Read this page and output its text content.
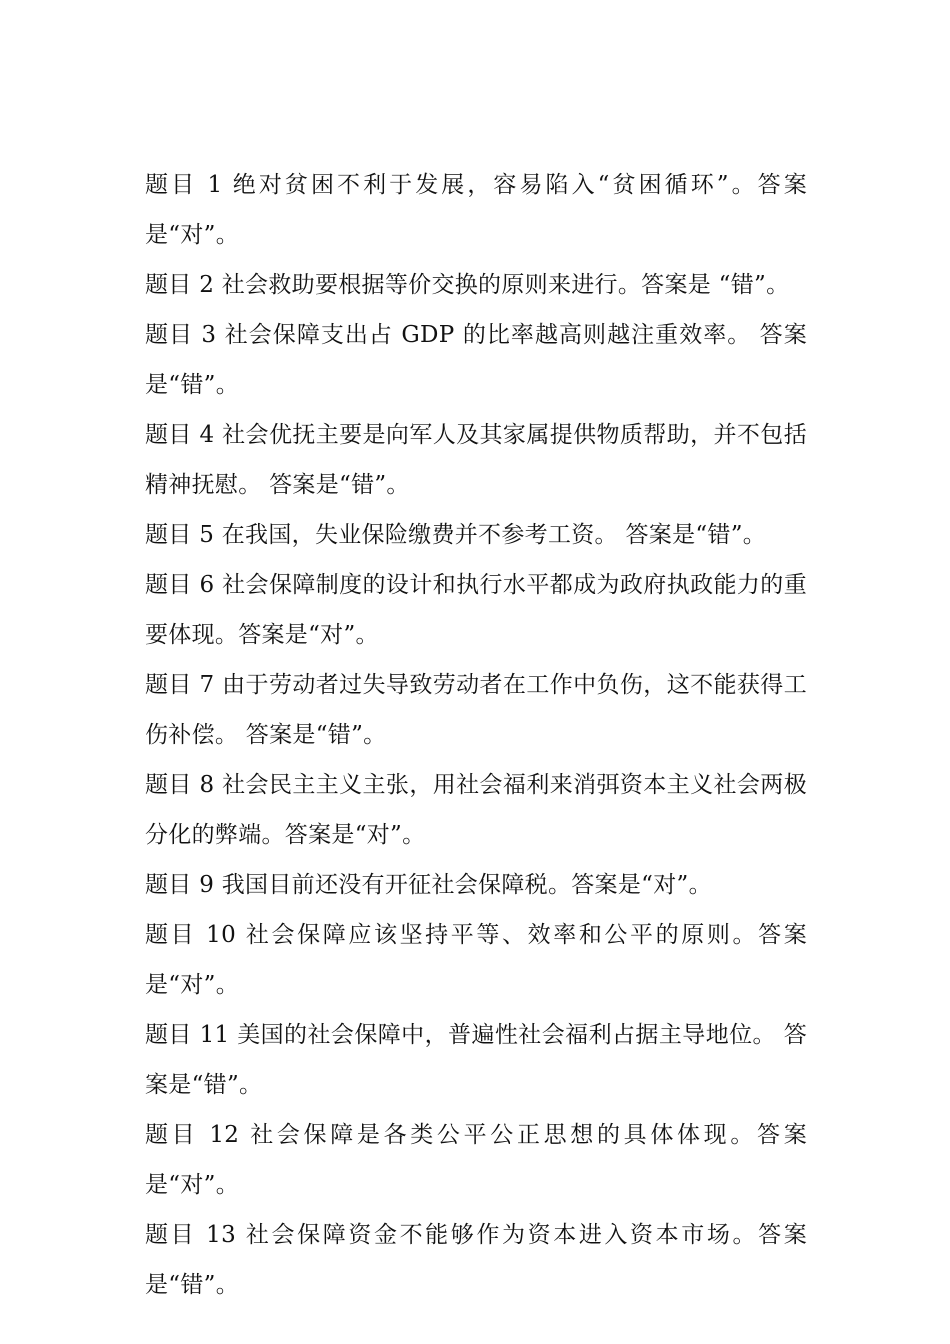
题目 1 绝对贫困不利于发展，容易陷入“贫困循环”。答案是“对”。

题目 2 社会救助要根据等价交换的原则来进行。答案是 “错”。

题目 3 社会保障支出占 GDP 的比率越高则越注重效率。 答案是“错”。

题目 4 社会优抚主要是向军人及其家属提供物质帮助，并不包括精神抚慰。 答案是“错”。

题目 5 在我国，失业保险缴费并不参考工资。 答案是“错”。

题目 6 社会保障制度的设计和执行水平都成为政府执政能力的重要体现。答案是“对”。

题目 7 由于劳动者过失导致劳动者在工作中负伤，这不能获得工伤补偿。 答案是“错”。

题目 8 社会民主主义主张，用社会福利来消弭资本主义社会两极分化的弊端。答案是“对”。

题目 9 我国目前还没有开征社会保障税。答案是“对”。

题目 10 社会保障应该坚持平等、效率和公平的原则。答案是“对”。

题目 11 美国的社会保障中，普遍性社会福利占据主导地位。 答案是“错”。

题目 12 社会保障是各类公平公正思想的具体体现。答案是“对”。

题目 13 社会保障资金不能够作为资本进入资本市场。答案是“错”。
